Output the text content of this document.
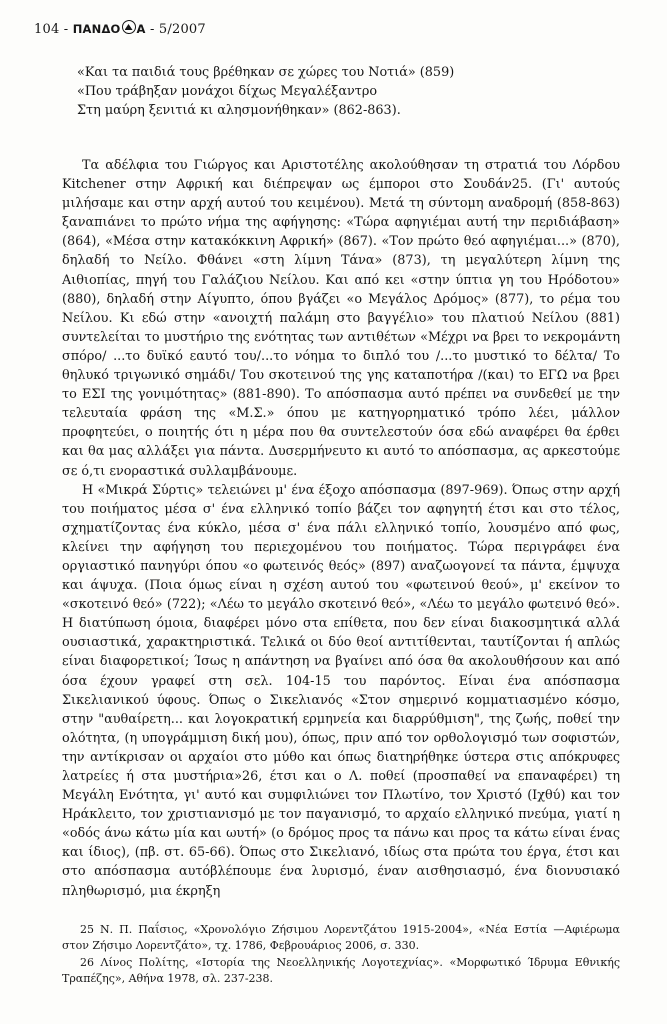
104 - ΠΑΝΔΟ Α - 5/2007
«Και τα παιδιά τους βρέθηκαν σε χώρες του Νοτιά» (859)
«Που τράβηξαν μονάχοι δίχως Μεγαλέξαντρο
Στη μαύρη ξενιτιά κι αλησμονήθηκαν» (862-863).

Τα αδέλφια του Γιώργος και Αριστοτέλης ακολούθησαν τη στρατιά του Λόρδου Kitchener στην Αφρική και διέπρεψαν ως έμποροι στο Σουδάν25. (Γι' αυτούς μιλήσαμε και στην αρχή αυτού του κειμένου). Μετά τη σύντομη αναδρομή (858-863) ξαναπιάνει το πρώτο νήμα της αφήγησης: «Τώρα αφηγιέμαι αυτή την περιδιάβαση» (864), «Μέσα στην κατακόκκινη Αφρική» (867). «Τον πρώτο θεό αφηγιέμαι...» (870), δηλαδή το Νείλο. Φθάνει «στη λίμνη Τάνα» (873), τη μεγαλύτερη λίμνη της Αιθιοπίας, πηγή του Γαλάζιου Νείλου. Και από κει «στην ύπτια γη του Ηρόδοτου» (880), δηλαδή στην Αίγυπτο, όπου βγάζει «ο Μεγάλος Δρόμος» (877), το ρέμα του Νείλου. Κι εδώ στην «ανοιχτή παλάμη στο βαγγέλιο» του πλατιού Νείλου (881) συντελείται το μυστήριο της ενότητας των αντιθέτων «Μέχρι να βρει το νεκρομάντη σπόρο/ ...το δυϊκό εαυτό του/...το νόημα το διπλό του /...το μυστικό το δέλτα/ Το θηλυκό τριγωνικό σημάδι/ Του σκοτεινού της γης καταποτήρα /(και) το ΕΓΩ να βρει το ΕΣΙ της γονιμότητας» (881-890). Το απόσπασμα αυτό πρέπει να συνδεθεί με την τελευταία φράση της «Μ.Σ.» όπου με κατηγορηματικό τρόπο λέει, μάλλον προφητεύει, ο ποιητής ότι η μέρα που θα συντελεστούν όσα εδώ αναφέρει θα έρθει και θα μας αλλάξει για πάντα. Δυσερμήνευτο κι αυτό το απόσπασμα, ας αρκεστούμε σε ό,τι ενοραστικά συλλαμβάνουμε.

Η «Μικρά Σύρτις» τελειώνει μ' ένα έξοχο απόσπασμα (897-969). Όπως στην αρχή του ποιήματος μέσα σ' ένα ελληνικό τοπίο βάζει τον αφηγητή έτσι και στο τέλος, σχηματίζοντας ένα κύκλο, μέσα σ' ένα πάλι ελληνικό τοπίο, λουσμένο από φως, κλείνει την αφήγηση του περιεχομένου του ποιήματος. Τώρα περιγράφει ένα οργιαστικό πανηγύρι όπου «ο φωτεινός θεός» (897) αναζωογονεί τα πάντα, έμψυχα και άψυχα. (Ποια όμως είναι η σχέση αυτού του «φωτεινού θεού», μ' εκείνον το «σκοτεινό θεό» (722); «Λέω το μεγάλο σκοτεινό θεό», «Λέω το μεγάλο φωτεινό θεό». Η διατύπωση όμοια, διαφέρει μόνο στα επίθετα, που δεν είναι διακοσμητικά αλλά ουσιαστικά, χαρακτηριστικά. Τελικά οι δύο θεοί αντιτίθενται, ταυτίζονται ή απλώς είναι διαφορετικοί; Ίσως η απάντηση να βγαίνει από όσα θα ακολουθήσουν και από όσα έχουν γραφεί στη σελ. 104-15 του παρόντος. Είναι ένα απόσπασμα Σικελιανικού ύφους. Όπως ο Σικελιανός «Στον σημερινό κομματιασμένο κόσμο, στην "αυθαίρετη... και λογοκρατική ερμηνεία και διαρρύθμιση", της ζωής, ποθεί την ολότητα, (η υπογράμμιση δική μου), όπως, πριν από τον ορθολογισμό των σοφιστών, την αντίκρισαν οι αρχαίοι στο μύθο και όπως διατηρήθηκε ύστερα στις απόκρυφες λατρείες ή στα μυστήρια»26, έτσι και ο Λ. ποθεί (προσπαθεί να επαναφέρει) τη Μεγάλη Ενότητα, γι' αυτό και συμφιλιώνει τον Πλωτίνο, τον Χριστό (Ιχθύ) και τον Ηράκλειτο, τον χριστιανισμό με τον παγανισμό, το αρχαίο ελληνικό πνεύμα, γιατί η «οδός άνω κάτω μία και ωυτή» (ο δρόμος προς τα πάνω και προς τα κάτω είναι ένας και ίδιος), (πβ. στ. 65-66). Όπως στο Σικελιανό, ιδίως στα πρώτα του έργα, έτσι και στο απόσπασμα αυτόβλέπουμε ένα λυρισμό, έναν αισθησιασμό, ένα διονυσιακό πληθωρισμό, μια έκρηξη

25 Ν. Π. Παΐσιος, «Χρονολόγιο Ζήσιμου Λορεντζάτου 1915-2004», «Νέα Εστία —Αφιέρωμα στον Ζήσιμο Λορεντζάτο», τχ. 1786, Φεβρουάριος 2006, σ. 330.

26 Λίνος Πολίτης, «Ιστορία της Νεοελληνικής Λογοτεχνίας». «Μορφωτικό Ίδρυμα Εθνικής Τραπέζης», Αθήνα 1978, σλ. 237-238.
